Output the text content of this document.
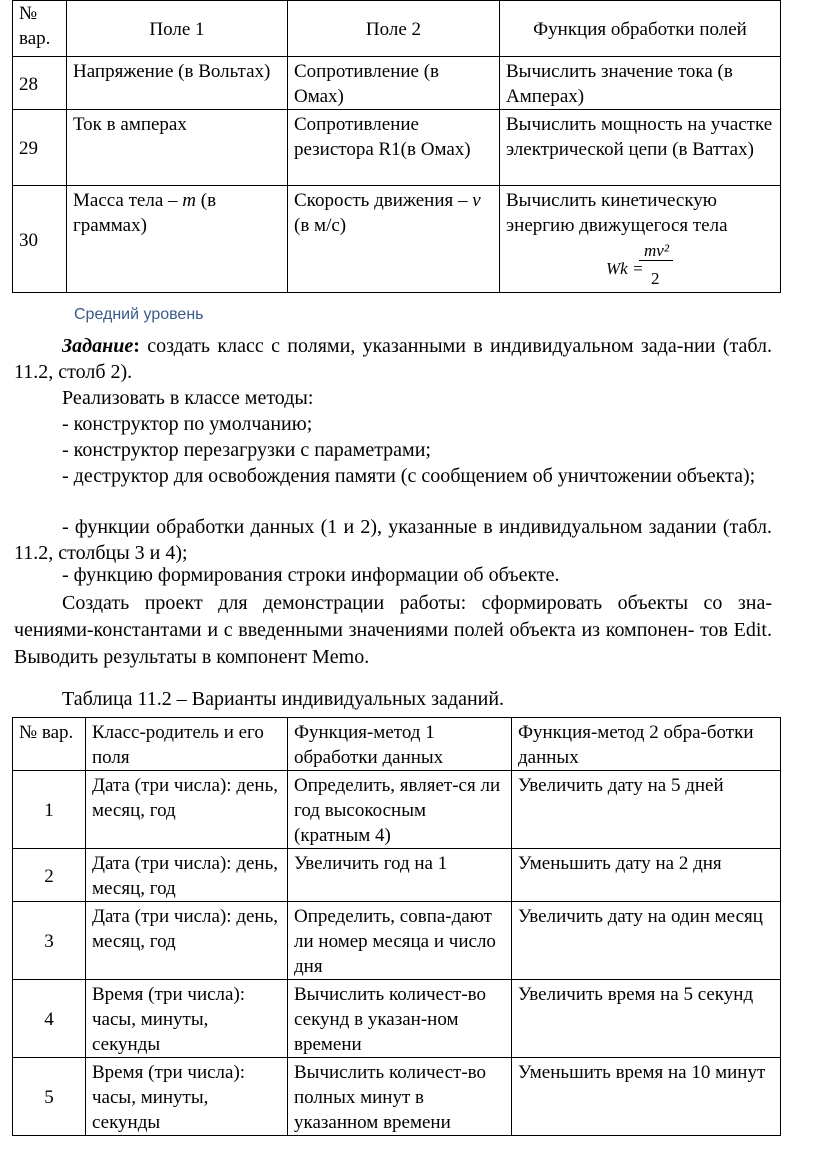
№ вар.	Поле 1	Поле 2	Функция обработки полей
28	Напряжение (в Вольтах)	Сопротивление (в Омах)	Вычислить значение тока (в Амперах)
29	Ток в амперах	Сопротивление резистора R1(в Омах)	Вычислить мощность на участке электрической цепи (в Ваттах)
30	Масса тела – m (в граммах)	Скорость движения – v (в м/с)	Вычислить кинетическую энергию движущегося тела
mv²
Wk =
2
Средний уровень
Задание: создать класс с полями, указанными в индивидуальном зада-нии (табл. 11.2, столб 2).
Реализовать в классе методы:
- конструктор по умолчанию;
- конструктор перезагрузки с параметрами;
- деструктор для освобождения памяти (с сообщением об уничтожении объекта);
- функции обработки данных (1 и 2), указанные в индивидуальном задании (табл. 11.2, столбцы 3 и 4);
- функцию формирования строки информации об объекте.
Создать проект для демонстрации работы: сформировать объекты со зна- чениями-константами и с введенными значениями полей объекта из компонен- тов Edit. Выводить результаты в компонент Memo.
Таблица 11.2 – Варианты индивидуальных заданий.
№ вар.	Класс-родитель и его поля	Функция-метод 1 обработки данных	Функция-метод 2 обра-ботки данных
1	Дата (три числа): день, месяц, год	Определить, являет-ся ли год высокосным (кратным 4)	Увеличить дату на 5 дней
2	Дата (три числа): день, месяц, год	Увеличить год на 1	Уменьшить дату на 2 дня
3	Дата (три числа): день, месяц, год	Определить, совпа-дают ли номер месяца и число дня	Увеличить дату на один месяц
4	Время (три числа): часы, минуты, секунды	Вычислить количест-во секунд в указан-ном времени	Увеличить время на 5 секунд
5	Время (три числа): часы, минуты, секунды	Вычислить количест-во полных минут в указанном времени	Уменьшить время на 10 минут
